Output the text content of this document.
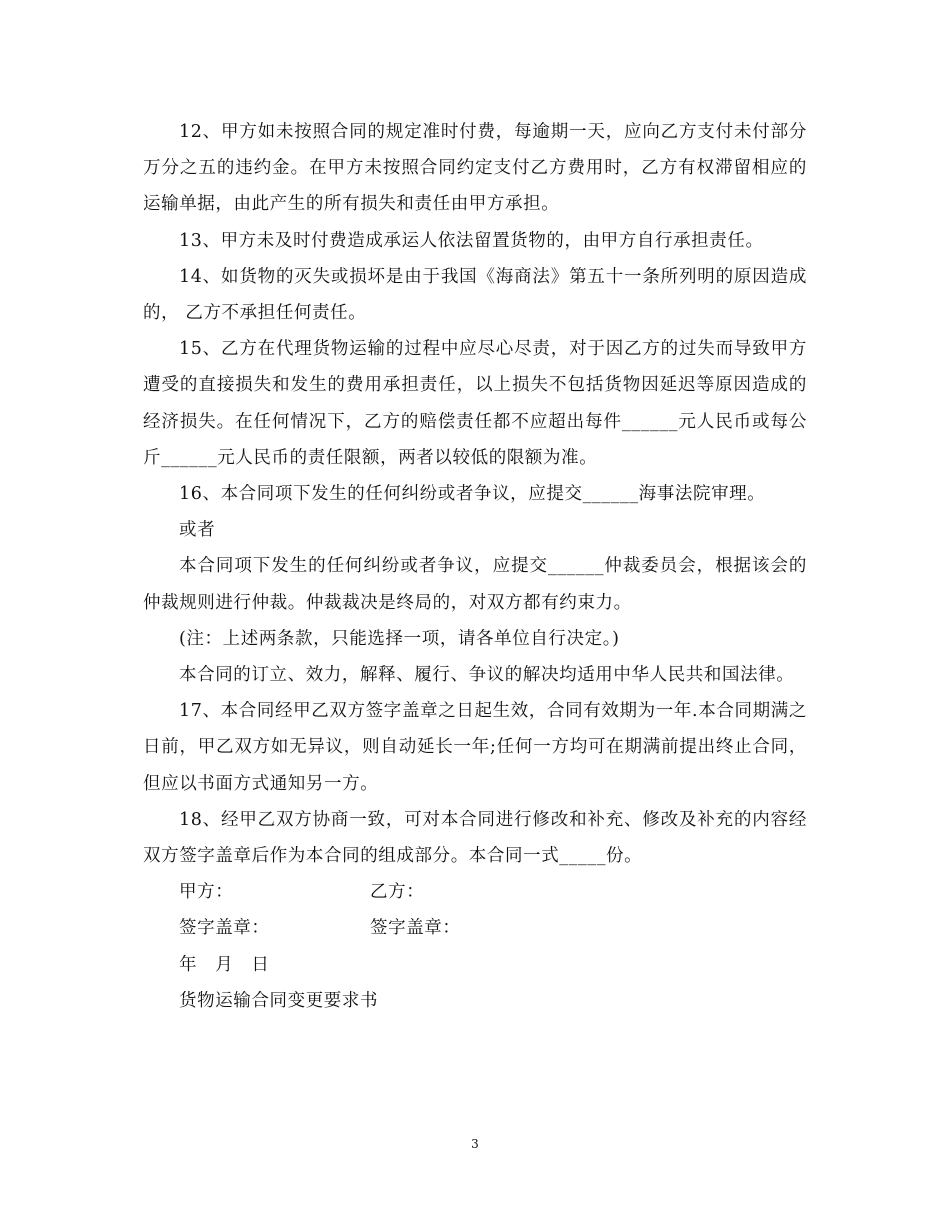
12、甲方如未按照合同的规定准时付费，每逾期一天，应向乙方支付未付部分万分之五的违约金。在甲方未按照合同约定支付乙方费用时，乙方有权滞留相应的运输单据，由此产生的所有损失和责任由甲方承担。

13、甲方未及时付费造成承运人依法留置货物的，由甲方自行承担责任。

14、如货物的灭失或损坏是由于我国《海商法》第五十一条所列明的原因造成的， 乙方不承担任何责任。

15、乙方在代理货物运输的过程中应尽心尽责，对于因乙方的过失而导致甲方遭受的直接损失和发生的费用承担责任，以上损失不包括货物因延迟等原因造成的经济损失。在任何情况下，乙方的赔偿责任都不应超出每件______元人民币或每公斤______元人民币的责任限额，两者以较低的限额为准。

16、本合同项下发生的任何纠纷或者争议，应提交______海事法院审理。

或者

本合同项下发生的任何纠纷或者争议，应提交______仲裁委员会，根据该会的仲裁规则进行仲裁。仲裁裁决是终局的，对双方都有约束力。

(注：上述两条款，只能选择一项，请各单位自行决定。)

本合同的订立、效力，解释、履行、争议的解决均适用中华人民共和国法律。

17、本合同经甲乙双方签字盖章之日起生效，合同有效期为一年.本合同期满之日前，甲乙双方如无异议，则自动延长一年;任何一方均可在期满前提出终止合同，但应以书面方式通知另一方。

18、经甲乙双方协商一致，可对本合同进行修改和补充、修改及补充的内容经双方签字盖章后作为本合同的组成部分。本合同一式_____份。

甲方：	乙方：
签字盖章：	签字盖章：
年　月　日
货物运输合同变更要求书
3
